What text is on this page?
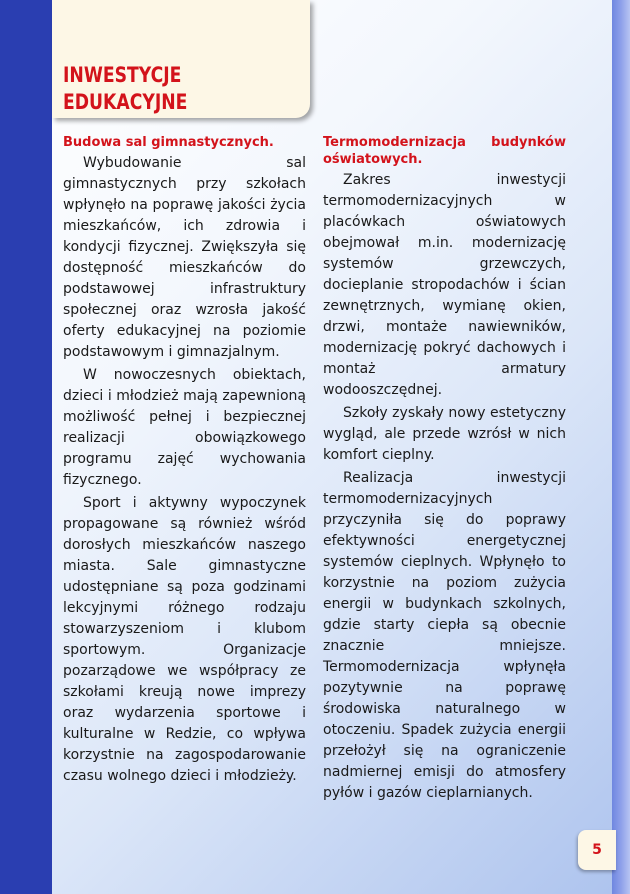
INWESTYCJE
EDUKACYJNE
Budowa sal gimnastycznych.

Wybudowanie sal gimnastycznych przy szkołach wpłynęło na poprawę jakości życia mieszkańców, ich zdrowia i kondycji fizycznej. Zwiększyła się dostępność mieszkańców do podstawowej infrastruktury społecznej oraz wzrosła jakość oferty edukacyjnej na poziomie podstawowym i gimnazjalnym.

W nowoczesnych obiektach, dzieci i młodzież mają zapewnioną możliwość pełnej i bezpiecznej realizacji obowiązkowego programu zajęć wychowania fizycznego.

Sport i aktywny wypoczynek propagowane są również wśród dorosłych mieszkańców naszego miasta. Sale gimnastyczne udostępniane są poza godzinami lekcyjnymi różnego rodzaju stowarzyszeniom i klubom sportowym. Organizacje pozarządowe we współpracy ze szkołami kreują nowe imprezy oraz wydarzenia sportowe i kulturalne w Redzie, co wpływa korzystnie na zagospodarowanie czasu wolnego dzieci i młodzieży.

Termomodernizacja budynków oświatowych.

Zakres inwestycji termomodernizacyjnych w placówkach oświatowych obejmował m.in. modernizację systemów grzewczych, docieplanie stropodachów i ścian zewnętrznych, wymianę okien, drzwi, montaże nawiewników, modernizację pokryć dachowych i montaż armatury wodooszczędnej.

Szkoły zyskały nowy estetyczny wygląd, ale przede wzrósł w nich komfort cieplny.

Realizacja inwestycji termomodernizacyjnych przyczyniła się do poprawy efektywności energetycznej systemów cieplnych. Wpłynęło to korzystnie na poziom zużycia energii w budynkach szkolnych, gdzie starty ciepła są obecnie znacznie mniejsze. Termomodernizacja wpłynęła pozytywnie na poprawę środowiska naturalnego w otoczeniu. Spadek zużycia energii przełożył się na ograniczenie nadmiernej emisji do atmosfery pyłów i gazów cieplarnianych.

5
